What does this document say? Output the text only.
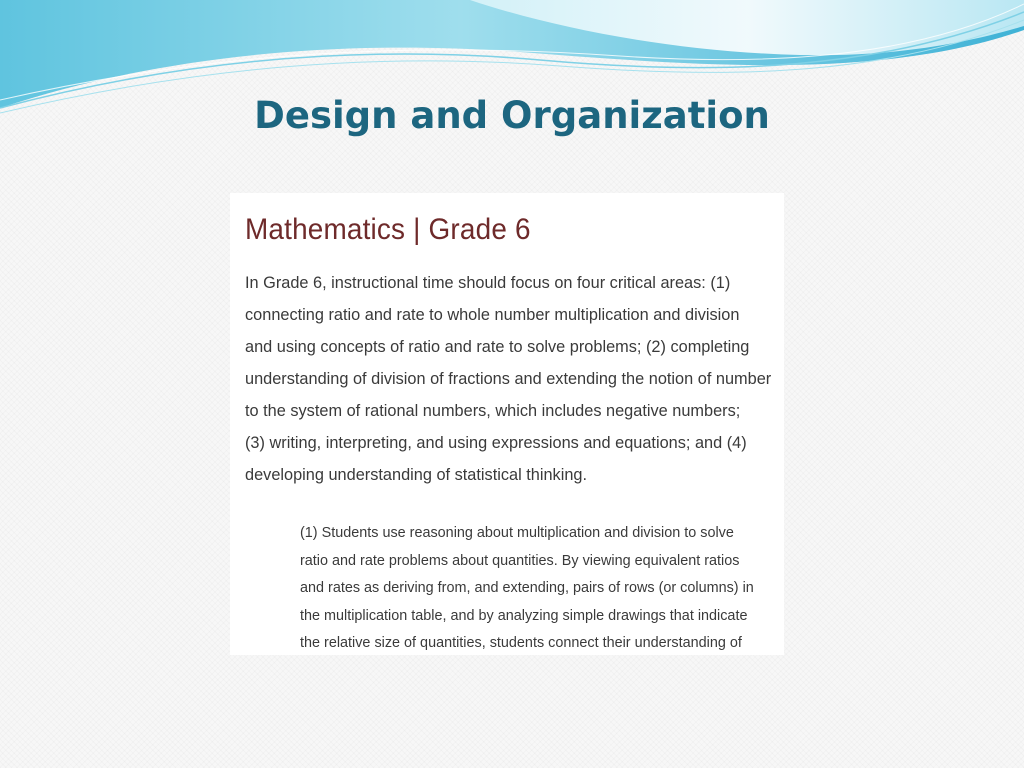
Design and Organization
Mathematics | Grade 6

In Grade 6, instructional time should focus on four critical areas: (1)
connecting ratio and rate to whole number multiplication and division
and using concepts of ratio and rate to solve problems; (2) completing
understanding of division of fractions and extending the notion of number
to the system of rational numbers, which includes negative numbers;
(3) writing, interpreting, and using expressions and equations; and (4)
developing understanding of statistical thinking.

(1) Students use reasoning about multiplication and division to solve
ratio and rate problems about quantities. By viewing equivalent ratios
and rates as deriving from, and extending, pairs of rows (or columns) in
the multiplication table, and by analyzing simple drawings that indicate
the relative size of quantities, students connect their understanding of
